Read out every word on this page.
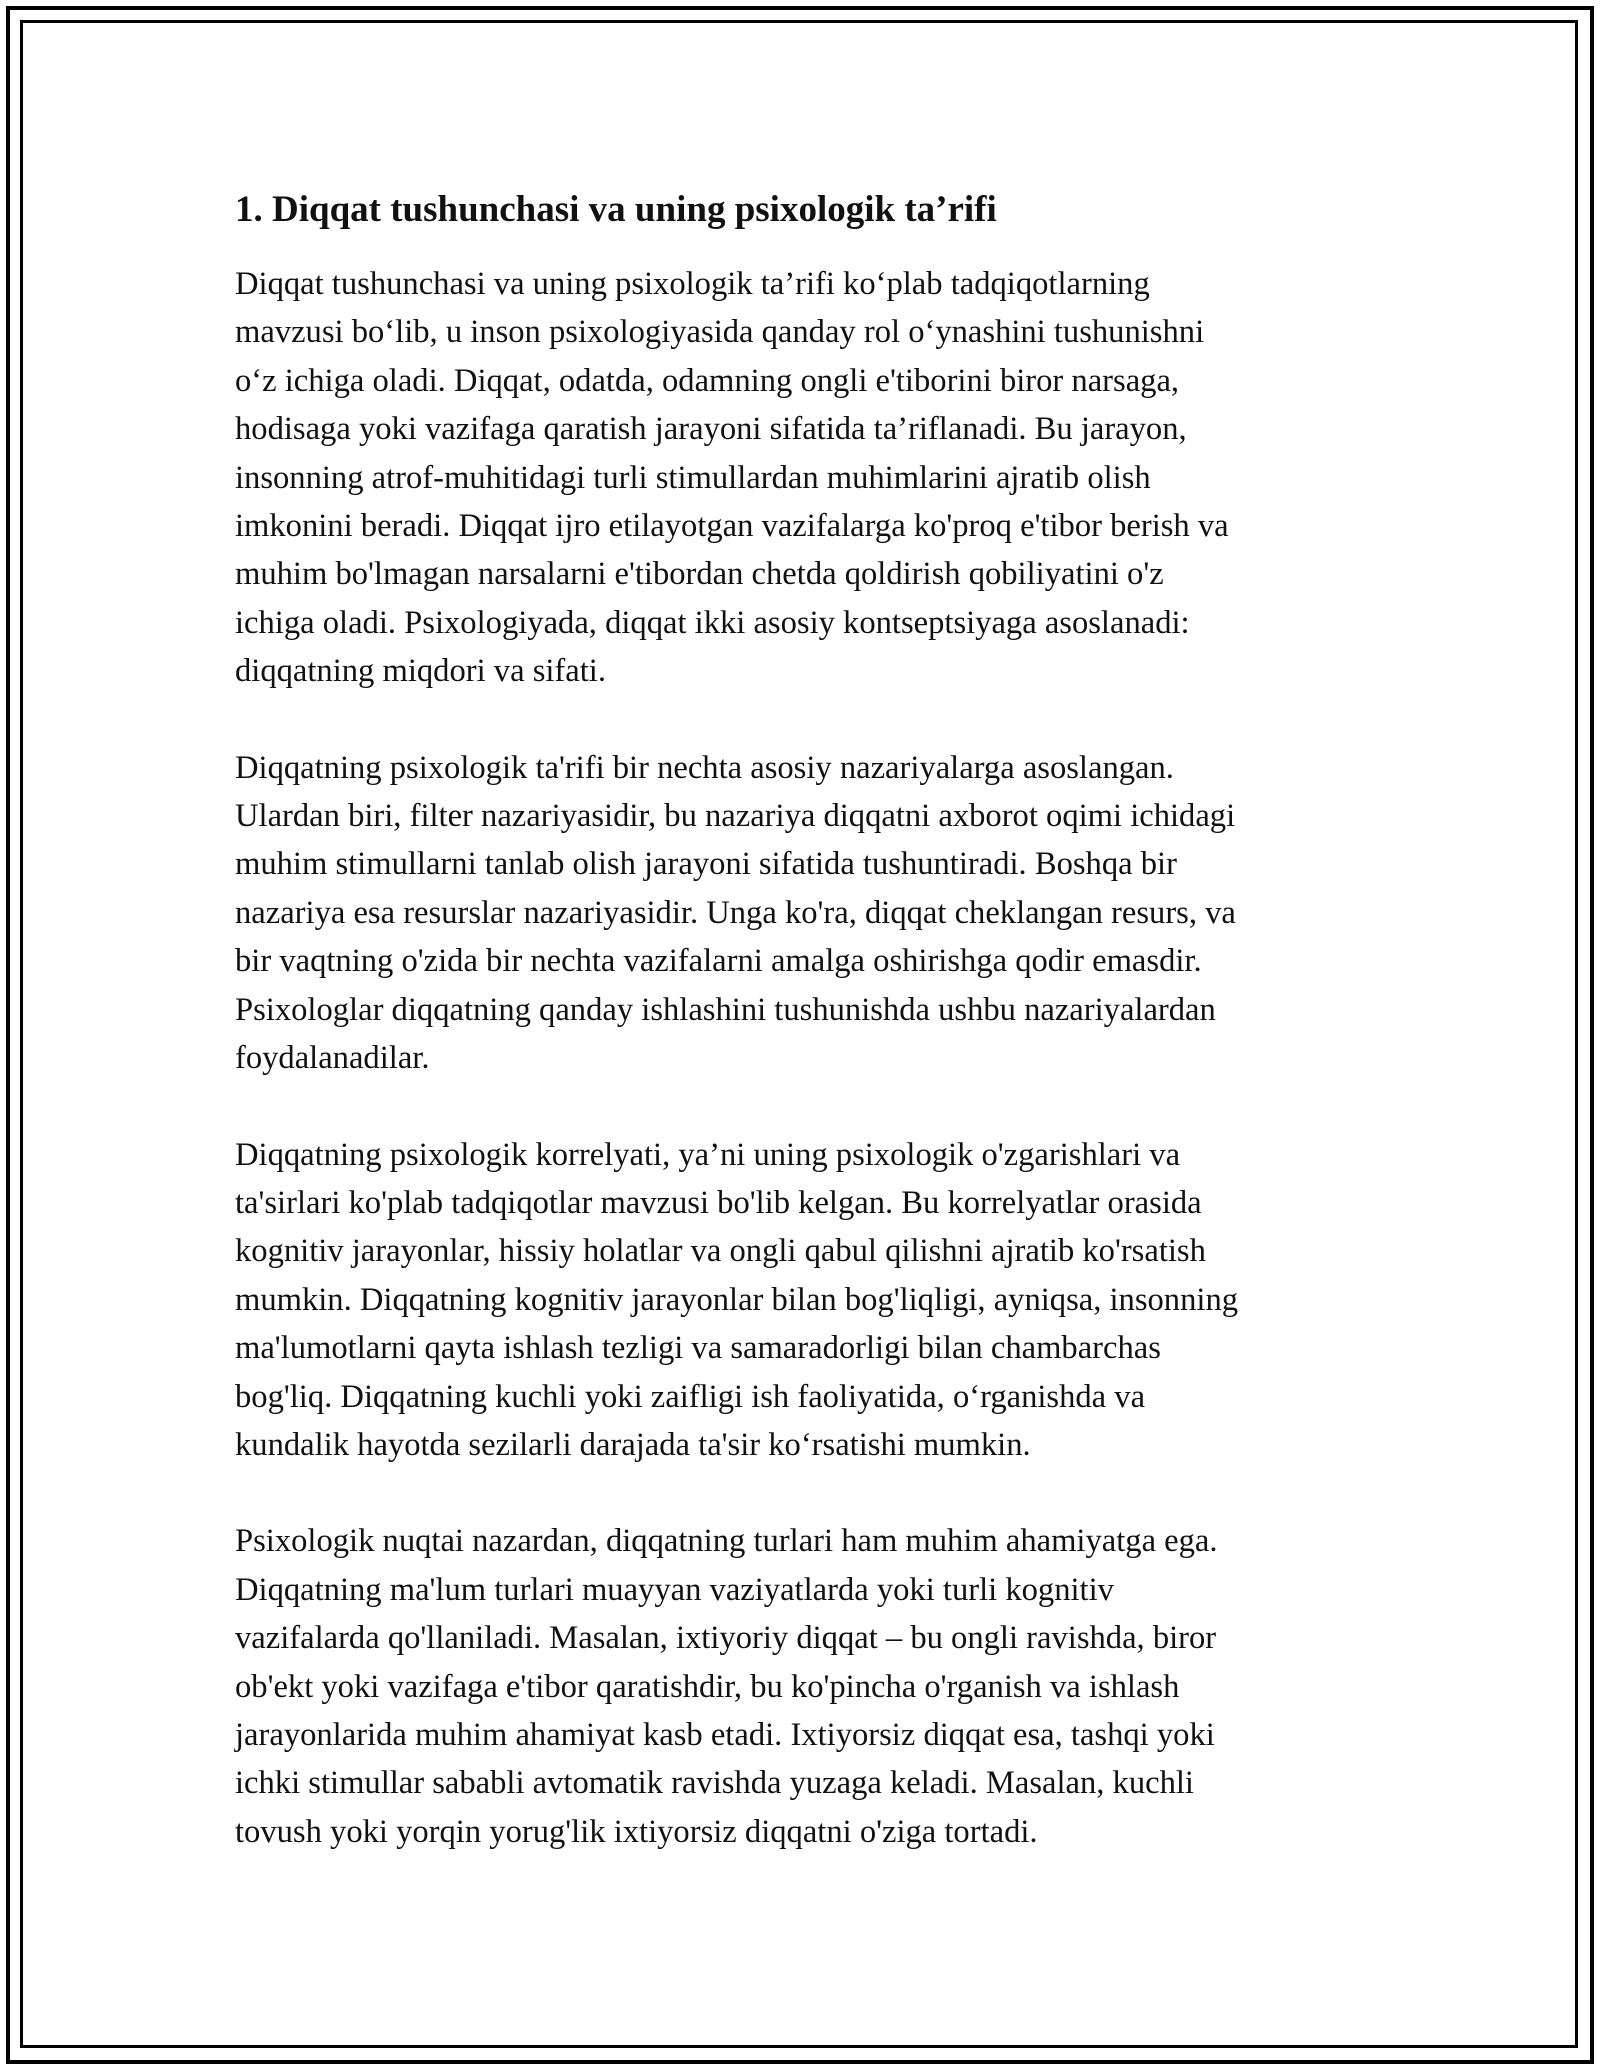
1. Diqqat tushunchasi va uning psixologik ta’rifi

Diqqat tushunchasi va uning psixologik ta’rifi ko‘plab tadqiqotlarning
mavzusi bo‘lib, u inson psixologiyasida qanday rol o‘ynashini tushunishni
o‘z ichiga oladi. Diqqat, odatda, odamning ongli e'tiborini biror narsaga,
hodisaga yoki vazifaga qaratish jarayoni sifatida ta’riflanadi. Bu jarayon,
insonning atrof-muhitidagi turli stimullardan muhimlarini ajratib olish
imkonini beradi. Diqqat ijro etilayotgan vazifalarga ko'proq e'tibor berish va
muhim bo'lmagan narsalarni e'tibordan chetda qoldirish qobiliyatini o'z
ichiga oladi. Psixologiyada, diqqat ikki asosiy kontseptsiyaga asoslanadi:
diqqatning miqdori va sifati.

Diqqatning psixologik ta'rifi bir nechta asosiy nazariyalarga asoslangan.
Ulardan biri, filter nazariyasidir, bu nazariya diqqatni axborot oqimi ichidagi
muhim stimullarni tanlab olish jarayoni sifatida tushuntiradi. Boshqa bir
nazariya esa resurslar nazariyasidir. Unga ko'ra, diqqat cheklangan resurs, va
bir vaqtning o'zida bir nechta vazifalarni amalga oshirishga qodir emasdir.
Psixologlar diqqatning qanday ishlashini tushunishda ushbu nazariyalardan
foydalanadilar.

Diqqatning psixologik korrelyati, ya’ni uning psixologik o'zgarishlari va
ta'sirlari ko'plab tadqiqotlar mavzusi bo'lib kelgan. Bu korrelyatlar orasida
kognitiv jarayonlar, hissiy holatlar va ongli qabul qilishni ajratib ko'rsatish
mumkin. Diqqatning kognitiv jarayonlar bilan bog'liqligi, ayniqsa, insonning
ma'lumotlarni qayta ishlash tezligi va samaradorligi bilan chambarchas
bog'liq. Diqqatning kuchli yoki zaifligi ish faoliyatida, o‘rganishda va
kundalik hayotda sezilarli darajada ta'sir ko‘rsatishi mumkin.

Psixologik nuqtai nazardan, diqqatning turlari ham muhim ahamiyatga ega.
Diqqatning ma'lum turlari muayyan vaziyatlarda yoki turli kognitiv
vazifalarda qo'llaniladi. Masalan, ixtiyoriy diqqat – bu ongli ravishda, biror
ob'ekt yoki vazifaga e'tibor qaratishdir, bu ko'pincha o'rganish va ishlash
jarayonlarida muhim ahamiyat kasb etadi. Ixtiyorsiz diqqat esa, tashqi yoki
ichki stimullar sababli avtomatik ravishda yuzaga keladi. Masalan, kuchli
tovush yoki yorqin yorug'lik ixtiyorsiz diqqatni o'ziga tortadi.
